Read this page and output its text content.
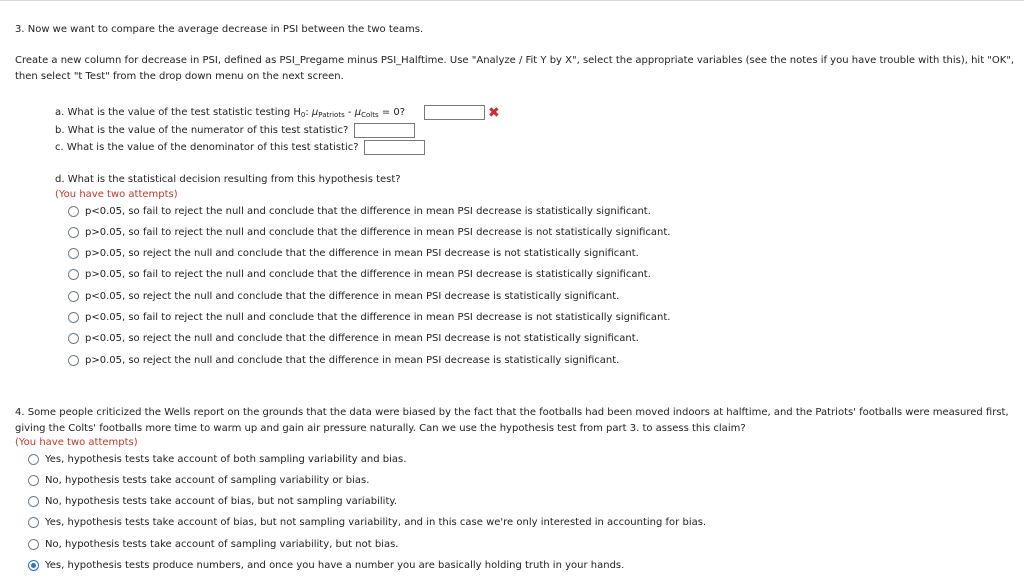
3. Now we want to compare the average decrease in PSI between the two teams.
Create a new column for decrease in PSI, defined as PSI_Pregame minus PSI_Halftime. Use "Analyze / Fit Y by X", select the appropriate variables (see the notes if you have trouble with this), hit "OK", then select "t Test" from the drop down menu on the next screen.
a. What is the value of the test statistic testing $H_0$: $\mu_{Patriots} - \mu_{Colts} = 0$?	✖
b. What is the value of the numerator of this test statistic?
c. What is the value of the denominator of this test statistic?
d. What is the statistical decision resulting from this hypothesis test?
(You have two attempts)
p<0.05, so fail to reject the null and conclude that the difference in mean PSI decrease is statistically significant.
p>0.05, so fail to reject the null and conclude that the difference in mean PSI decrease is not statistically significant.
p>0.05, so reject the null and conclude that the difference in mean PSI decrease is not statistically significant.
p>0.05, so fail to reject the null and conclude that the difference in mean PSI decrease is statistically significant.
p<0.05, so reject the null and conclude that the difference in mean PSI decrease is statistically significant.
p<0.05, so fail to reject the null and conclude that the difference in mean PSI decrease is not statistically significant.
p<0.05, so reject the null and conclude that the difference in mean PSI decrease is not statistically significant.
p>0.05, so reject the null and conclude that the difference in mean PSI decrease is statistically significant.
4. Some people criticized the Wells report on the grounds that the data were biased by the fact that the footballs had been moved indoors at halftime, and the Patriots' footballs were measured first, giving the Colts' footballs more time to warm up and gain air pressure naturally. Can we use the hypothesis test from part 3. to assess this claim?
(You have two attempts)
Yes, hypothesis tests take account of both sampling variability and bias.
No, hypothesis tests take account of sampling variability or bias.
No, hypothesis tests take account of bias, but not sampling variability.
Yes, hypothesis tests take account of bias, but not sampling variability, and in this case we're only interested in accounting for bias.
No, hypothesis tests take account of sampling variability, but not bias.
Yes, hypothesis tests produce numbers, and once you have a number you are basically holding truth in your hands.
